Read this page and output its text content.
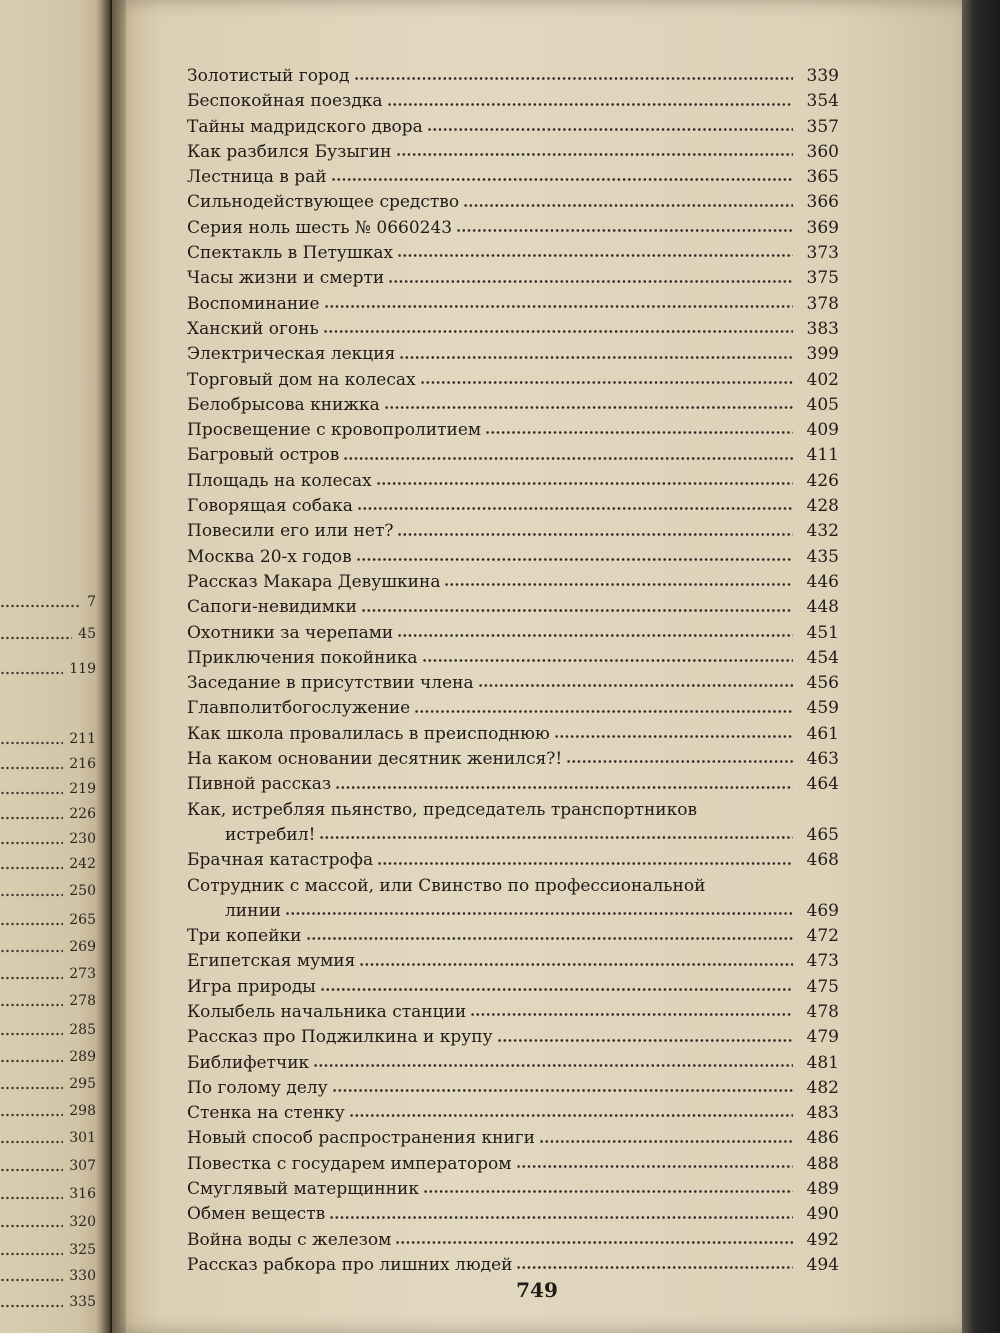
7
45
119
211
216
219
226
230
242
250
265
269
273
278
285
289
295
298
301
307
316
320
325
330
335
Золотистый город	339
Беспокойная поездка	354
Тайны мадридского двора	357
Как разбился Бузыгин	360
Лестница в рай	365
Сильнодействующее средство	366
Серия ноль шесть № 0660243	369
Спектакль в Петушках	373
Часы жизни и смерти	375
Воспоминание	378
Ханский огонь	383
Электрическая лекция	399
Торговый дом на колесах	402
Белобрысова книжка	405
Просвещение с кровопролитием	409
Багровый остров	411
Площадь на колесах	426
Говорящая собака	428
Повесили его или нет?	432
Москва 20-х годов	435
Рассказ Макара Девушкина	446
Сапоги-невидимки	448
Охотники за черепами	451
Приключения покойника	454
Заседание в присутствии члена	456
Главполитбогослужение	459
Как школа провалилась в преисподнюю	461
На каком основании десятник женился?!	463
Пивной рассказ	464
Как, истребляя пьянство, председатель транспортников
истребил!	465
Брачная катастрофа	468
Сотрудник с массой, или Свинство по профессиональной
линии	469
Три копейки	472
Египетская мумия	473
Игра природы	475
Колыбель начальника станции	478
Рассказ про Поджилкина и крупу	479
Библифетчик	481
По голому делу	482
Стенка на стенку	483
Новый способ распространения книги	486
Повестка с государем императором	488
Смуглявый матерщинник	489
Обмен веществ	490
Война воды с железом	492
Рассказ рабкора про лишних людей	494
749
